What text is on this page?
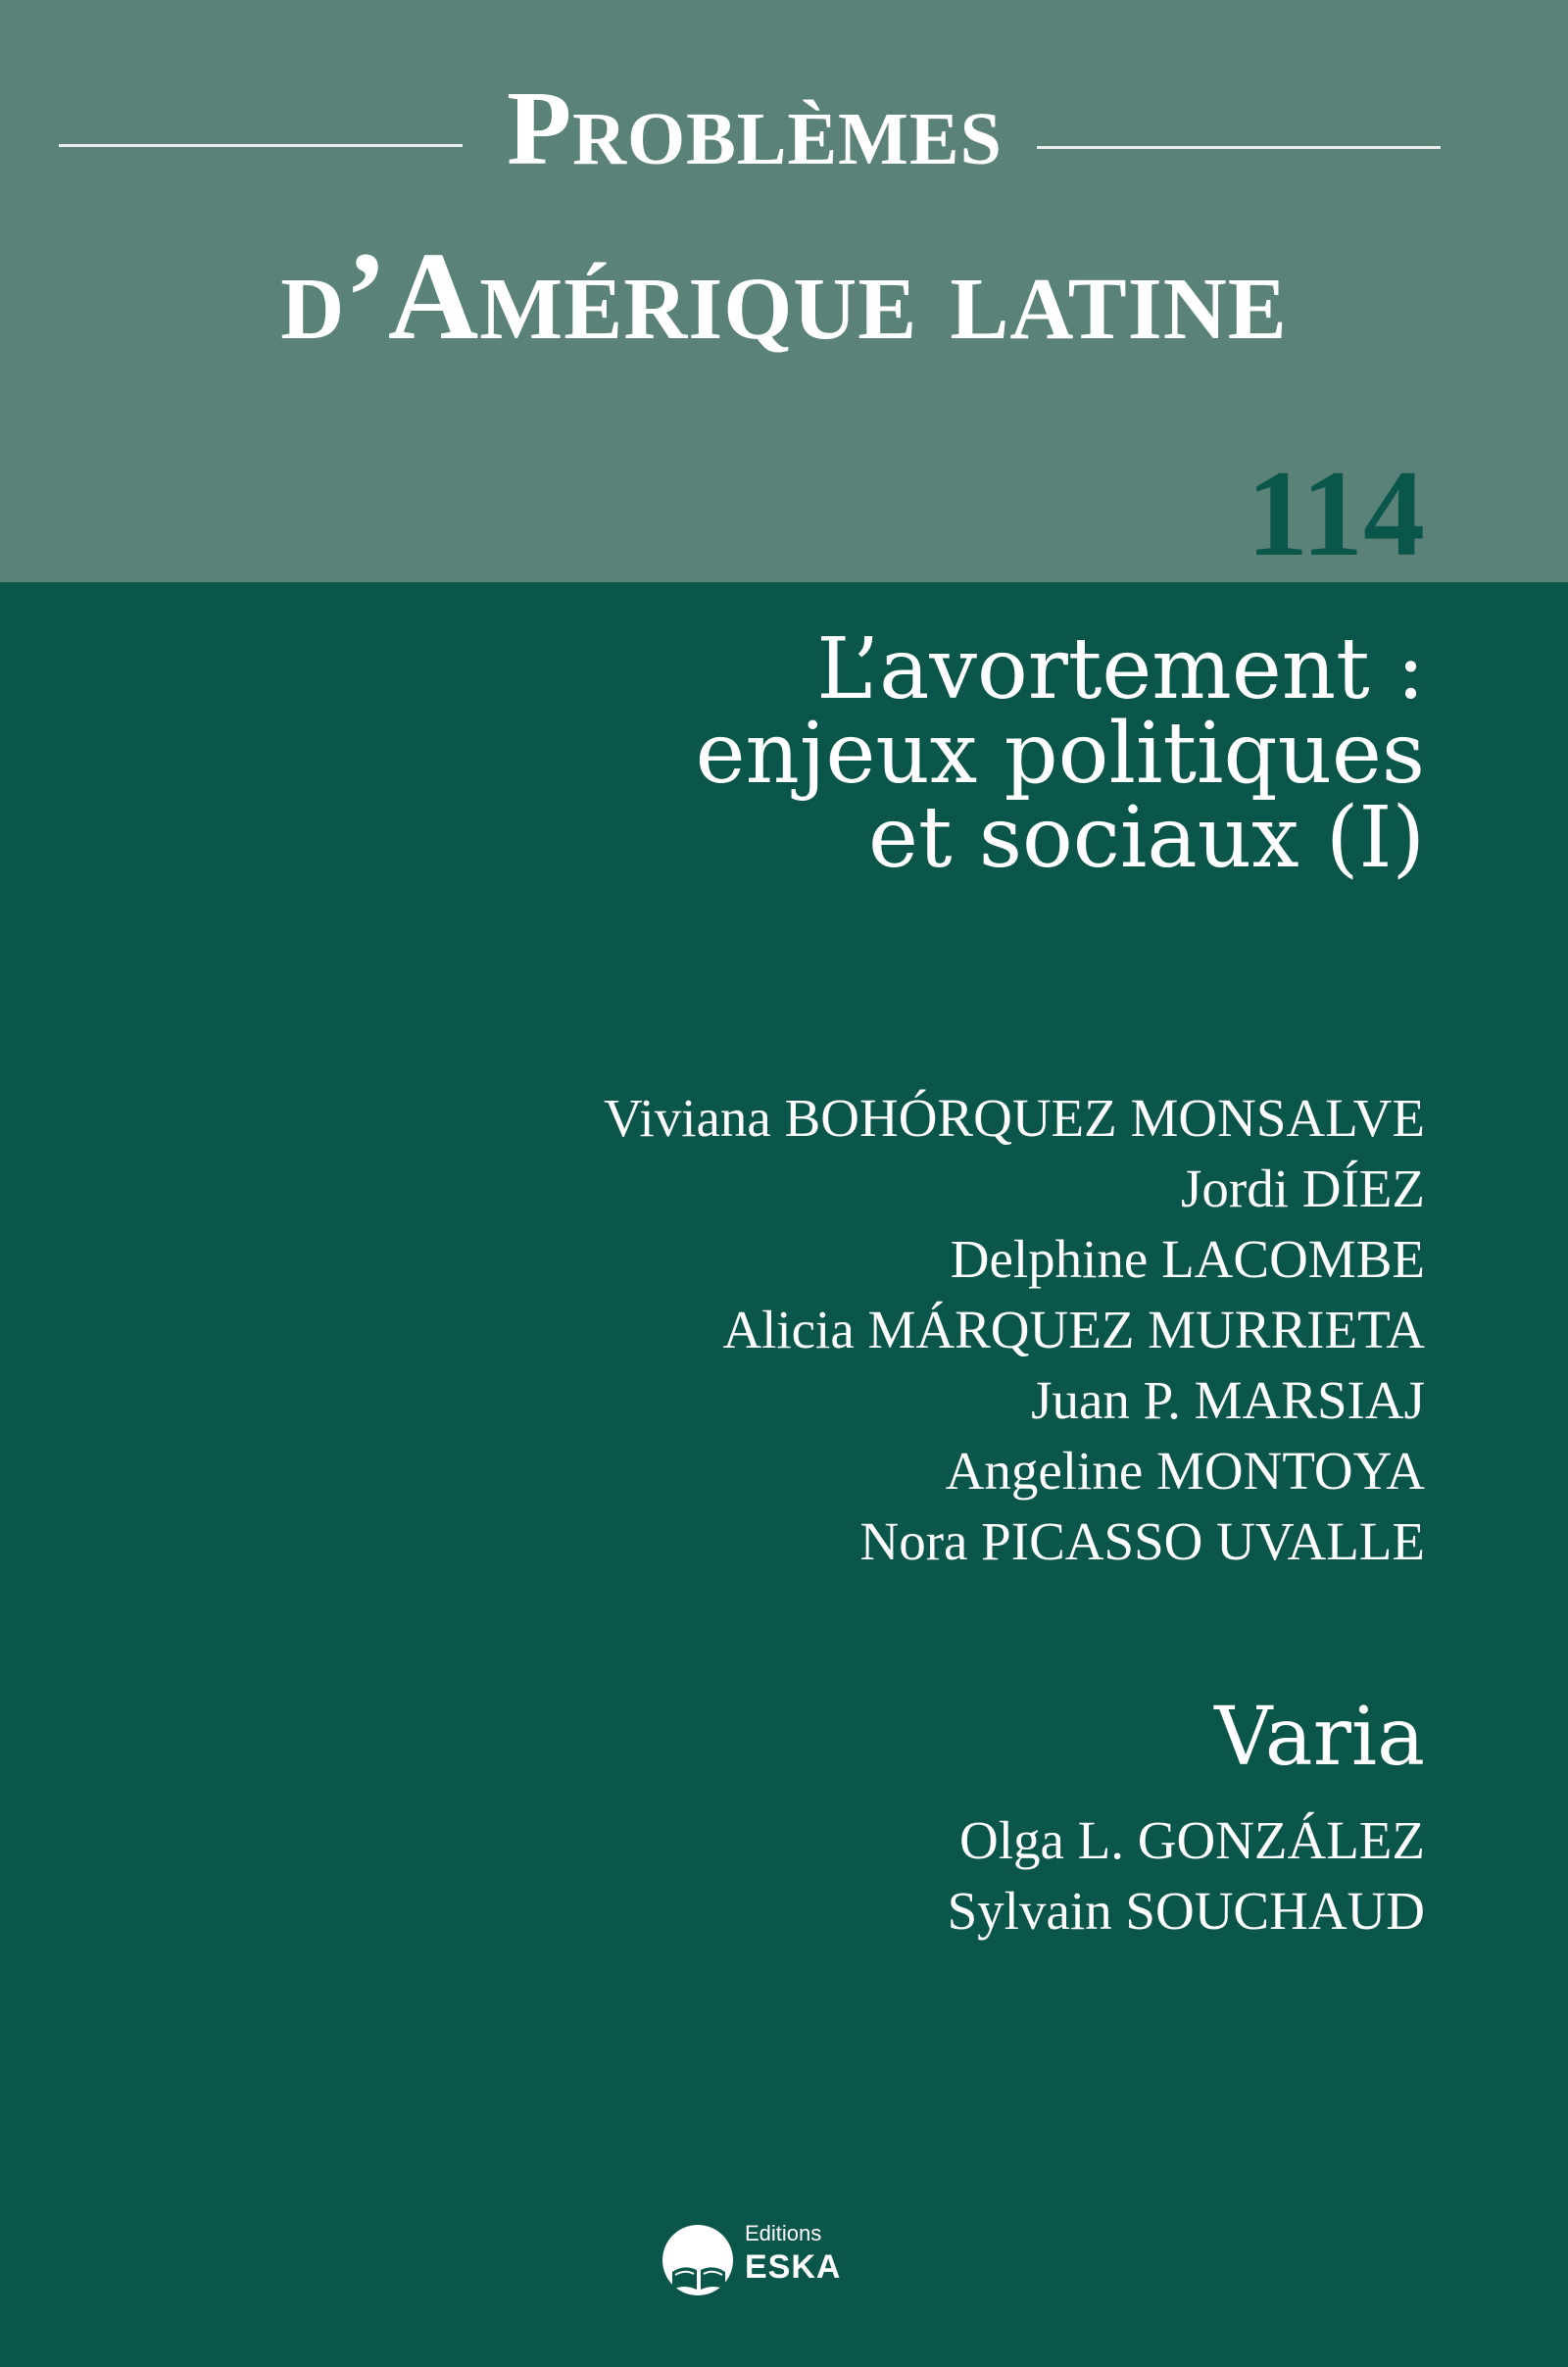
Problèmes
d’Amérique latine
114
L’avortement :
enjeux politiques
et sociaux (I)
Viviana BOHÓRQUEZ MONSALVE
Jordi DÍEZ
Delphine LACOMBE
Alicia MÁRQUEZ MURRIETA
Juan P. MARSIAJ
Angeline MONTOYA
Nora PICASSO UVALLE
Varia
Olga L. GONZÁLEZ
Sylvain SOUCHAUD
Editions
ESKA
